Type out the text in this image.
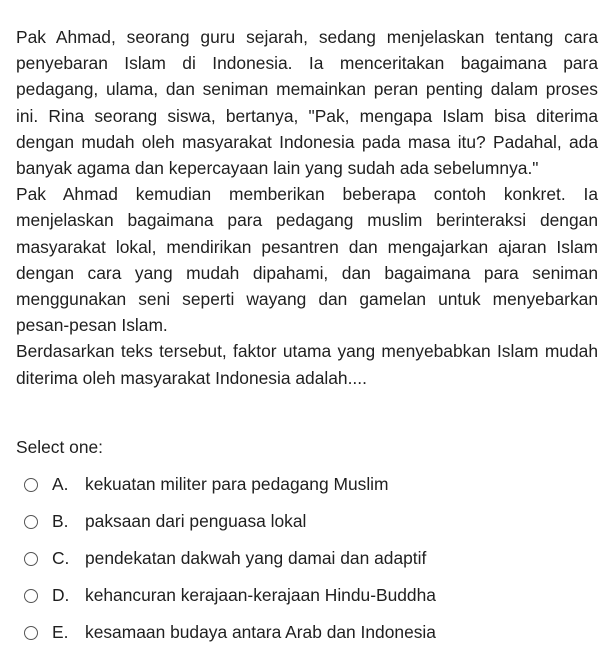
Pak Ahmad, seorang guru sejarah, sedang menjelaskan tentang cara penyebaran Islam di Indonesia. Ia menceritakan bagaimana para pedagang, ulama, dan seniman memainkan peran penting dalam proses ini. Rina seorang siswa, bertanya, "Pak, mengapa Islam bisa diterima dengan mudah oleh masyarakat Indonesia pada masa itu? Padahal, ada banyak agama dan kepercayaan lain yang sudah ada sebelumnya."

Pak Ahmad kemudian memberikan beberapa contoh konkret. Ia menjelaskan bagaimana para pedagang muslim berinteraksi dengan masyarakat lokal, mendirikan pesantren dan mengajarkan ajaran Islam dengan cara yang mudah dipahami, dan bagaimana para seniman menggunakan seni seperti wayang dan gamelan untuk menyebarkan pesan-pesan Islam.

Berdasarkan teks tersebut, faktor utama yang menyebabkan Islam mudah diterima oleh masyarakat Indonesia adalah....

Select one:
A. kekuatan militer para pedagang Muslim
B. paksaan dari penguasa lokal
C. pendekatan dakwah yang damai dan adaptif
D. kehancuran kerajaan-kerajaan Hindu-Buddha
E. kesamaan budaya antara Arab dan Indonesia
